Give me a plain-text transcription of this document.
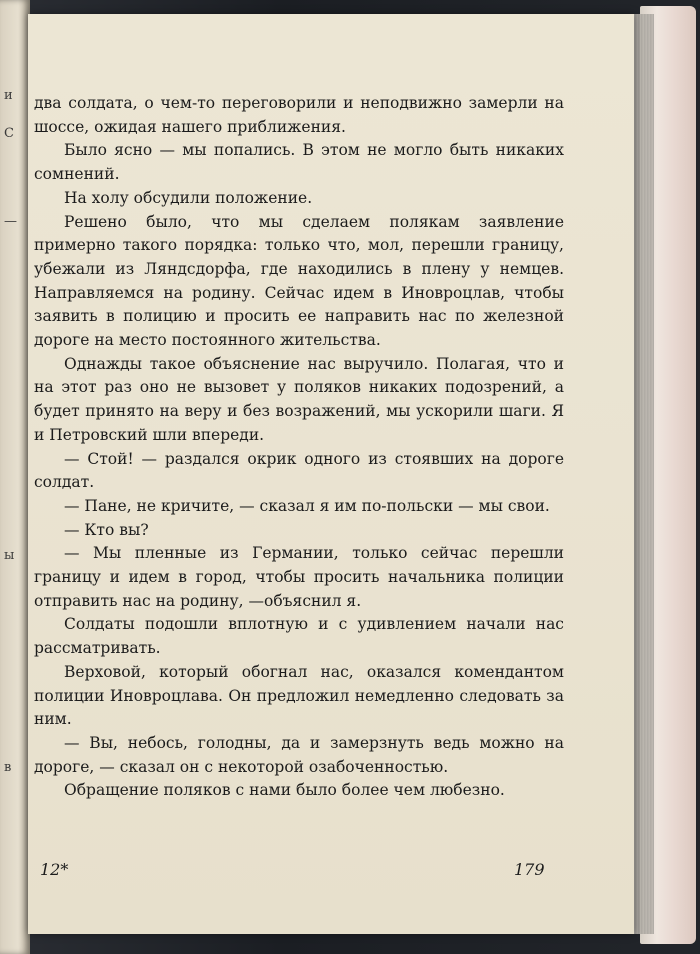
и
С
—
ы
в

два солдата, о чем-то переговорили и неподвижно замерли на шоссе, ожидая нашего приближения.

Было ясно — мы попались. В этом не могло быть никаких сомнений.

На холу обсудили положение.

Решено было, что мы сделаем полякам заявление примерно такого порядка: только что, мол, перешли границу, убежали из Ляндсдорфа, где находились в плену у немцев. Направляемся на родину. Сейчас идем в Иновроцлав, чтобы заявить в полицию и просить ее направить нас по железной дороге на место постоянного жительства.

Однажды такое объяснение нас выручило. Полагая, что и на этот раз оно не вызовет у поляков никаких подозрений, а будет принято на веру и без возражений, мы ускорили шаги. Я и Петровский шли впереди.

— Стой! — раздался окрик одного из стоявших на дороге солдат.

— Пане, не кричите, — сказал я им по-польски — мы свои.

— Кто вы?

— Мы пленные из Германии, только сейчас перешли границу и идем в город, чтобы просить начальника полиции отправить нас на родину, —объяснил я.

Солдаты подошли вплотную и с удивлением начали нас рассматривать.

Верховой, который обогнал нас, оказался комендантом полиции Иновроцлава. Он предложил немедленно следовать за ним.

— Вы, небось, голодны, да и замерзнуть ведь можно на дороге, — сказал он с некоторой озабоченностью.

Обращение поляков с нами было более чем любезно.

12*	179
